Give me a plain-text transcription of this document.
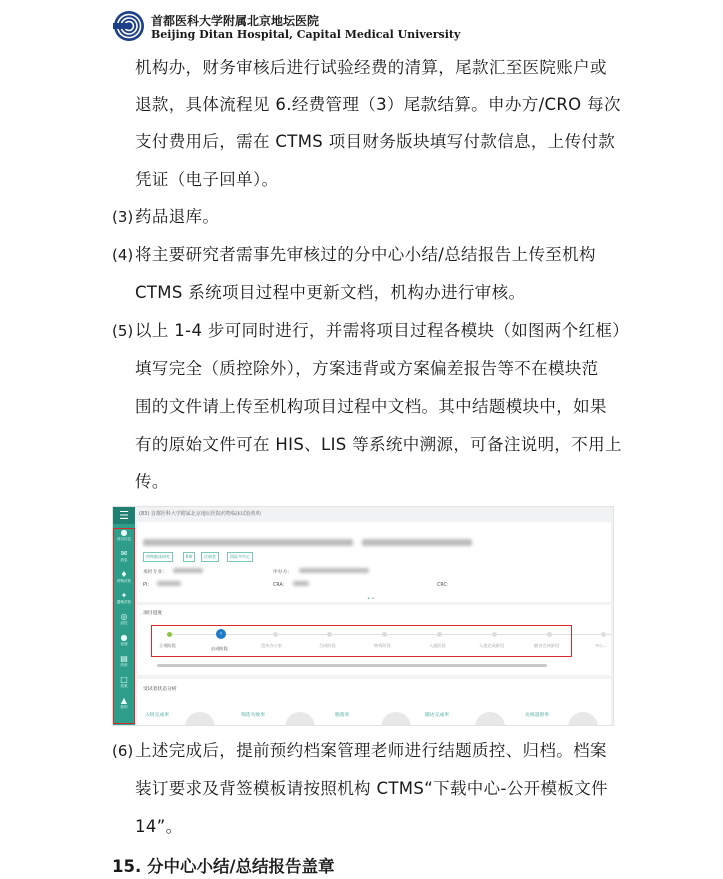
首都医科大学附属北京地坛医院
Beijing Ditan Hospital, Capital Medical University
机构办，财务审核后进行试验经费的清算，尾款汇至医院账户或
退款，具体流程见 6.经费管理（3）尾款结算。申办方/CRO 每次
支付费用后，需在 CTMS 项目财务版块填写付款信息，上传付款
凭证（电子回单）。
(3) 药品退库。
(4) 将主要研究者需事先审核过的分中心小结/总结报告上传至机构
CTMS 系统项目过程中更新文档，机构办进行审核。
(5) 以上 1-4 步可同时进行，并需将项目过程各模块（如图两个红框）
填写完全（质控除外），方案违背或方案偏差报告等不在模块范
围的文件请上传至机构项目过程中文档。其中结题模块中，如果
有的原始文件可在 HIS、LIS 等系统中溯源，可备注说明，不用上
传。
☰
●
项目信息
✉
消息
♦
药物试验
✦
器械试验
◎
质控
●
伦理
▤
药房
□
档案
▲
我的
(83) 首都医科大学附属北京地坛医院药物临床试验机构
药物临床研究	II期	注册类	国际多中心
承担专业：	申办方：
PI：	CRA：	CRC：
• •
项目进度
›
立项阶段
启动阶段
遗传办公室	合同阶段	物资阶段	入组阶段	入组完成阶段	随访完成阶段	中心...
受试者状态分析
入组完成率	筛选失败率	脱落率	随访完成率	访视超窗率
(6) 上述完成后，提前预约档案管理老师进行结题质控、归档。档案
装订要求及背签模板请按照机构 CTMS“下载中心-公开模板文件
14”。
15. 分中心小结/总结报告盖章
